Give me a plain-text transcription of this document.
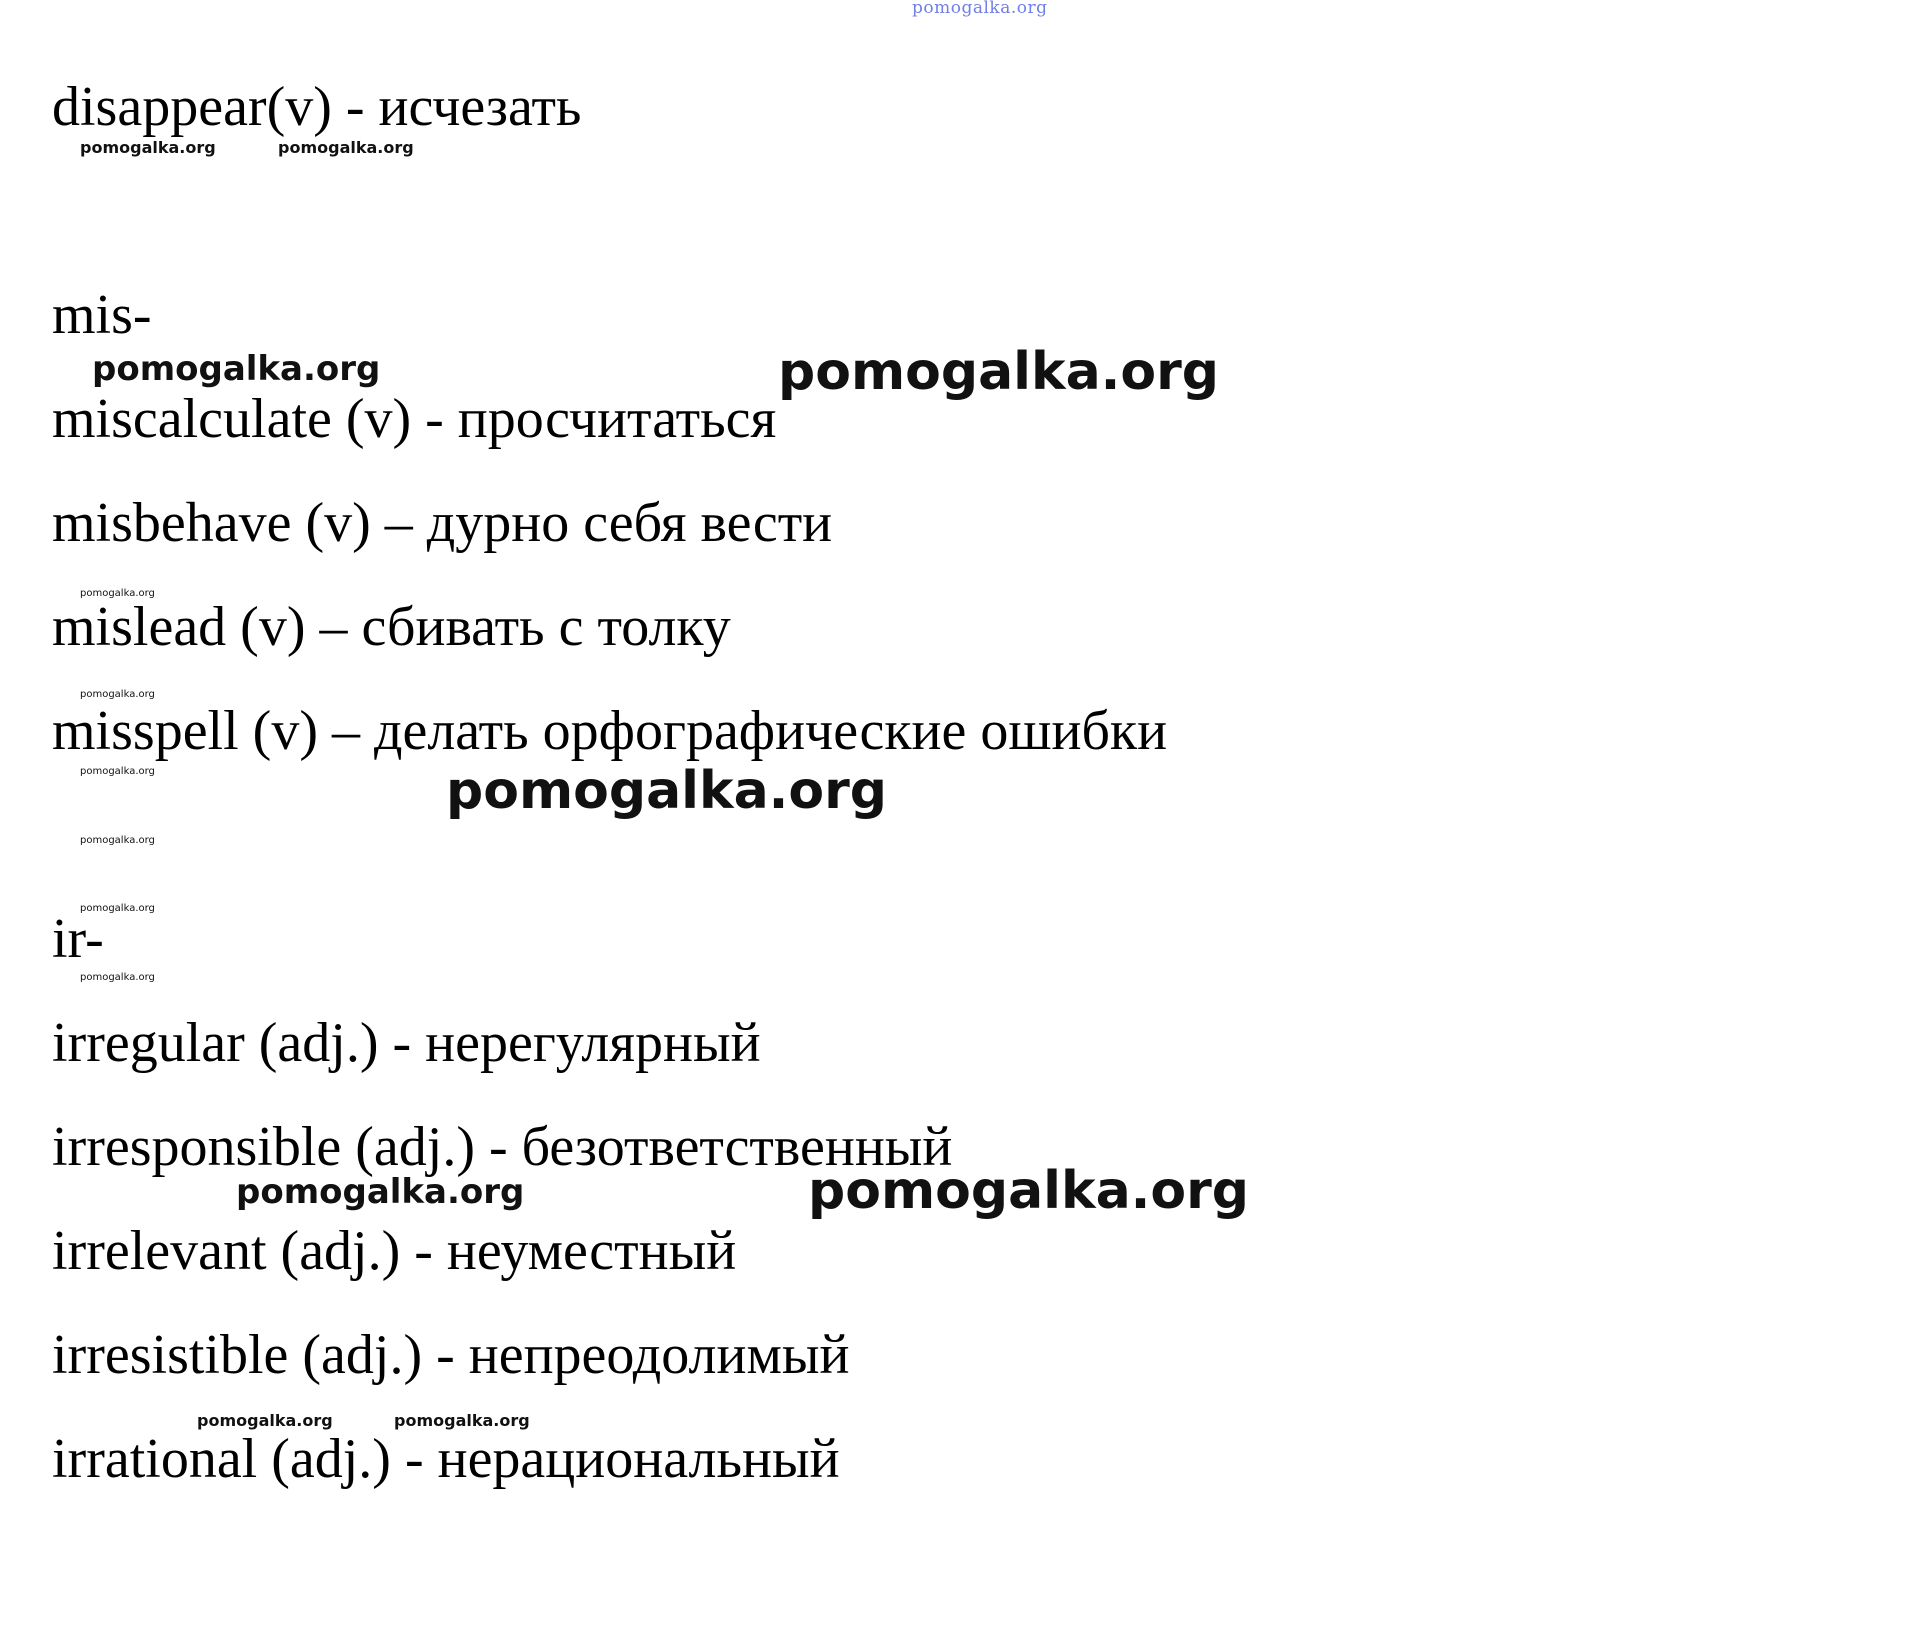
pomogalka.org
disappear(v) - исчезать
pomogalka.org	pomogalka.org
mis-
pomogalka.org	pomogalka.org
miscalculate (v) - просчитаться
misbehave (v) – дурно себя вести
pomogalka.org
mislead (v) – сбивать с толку
pomogalka.org
misspell (v) – делать орфографические ошибки
pomogalka.org	pomogalka.org
pomogalka.org
pomogalka.org
ir-
pomogalka.org
irregular (adj.) - нерегулярный
irresponsible (adj.) - безответственный
pomogalka.org	pomogalka.org
irrelevant (adj.) - неуместный
irresistible (adj.) - непреодолимый
pomogalka.org	pomogalka.org
irrational (adj.) - нерациональный
